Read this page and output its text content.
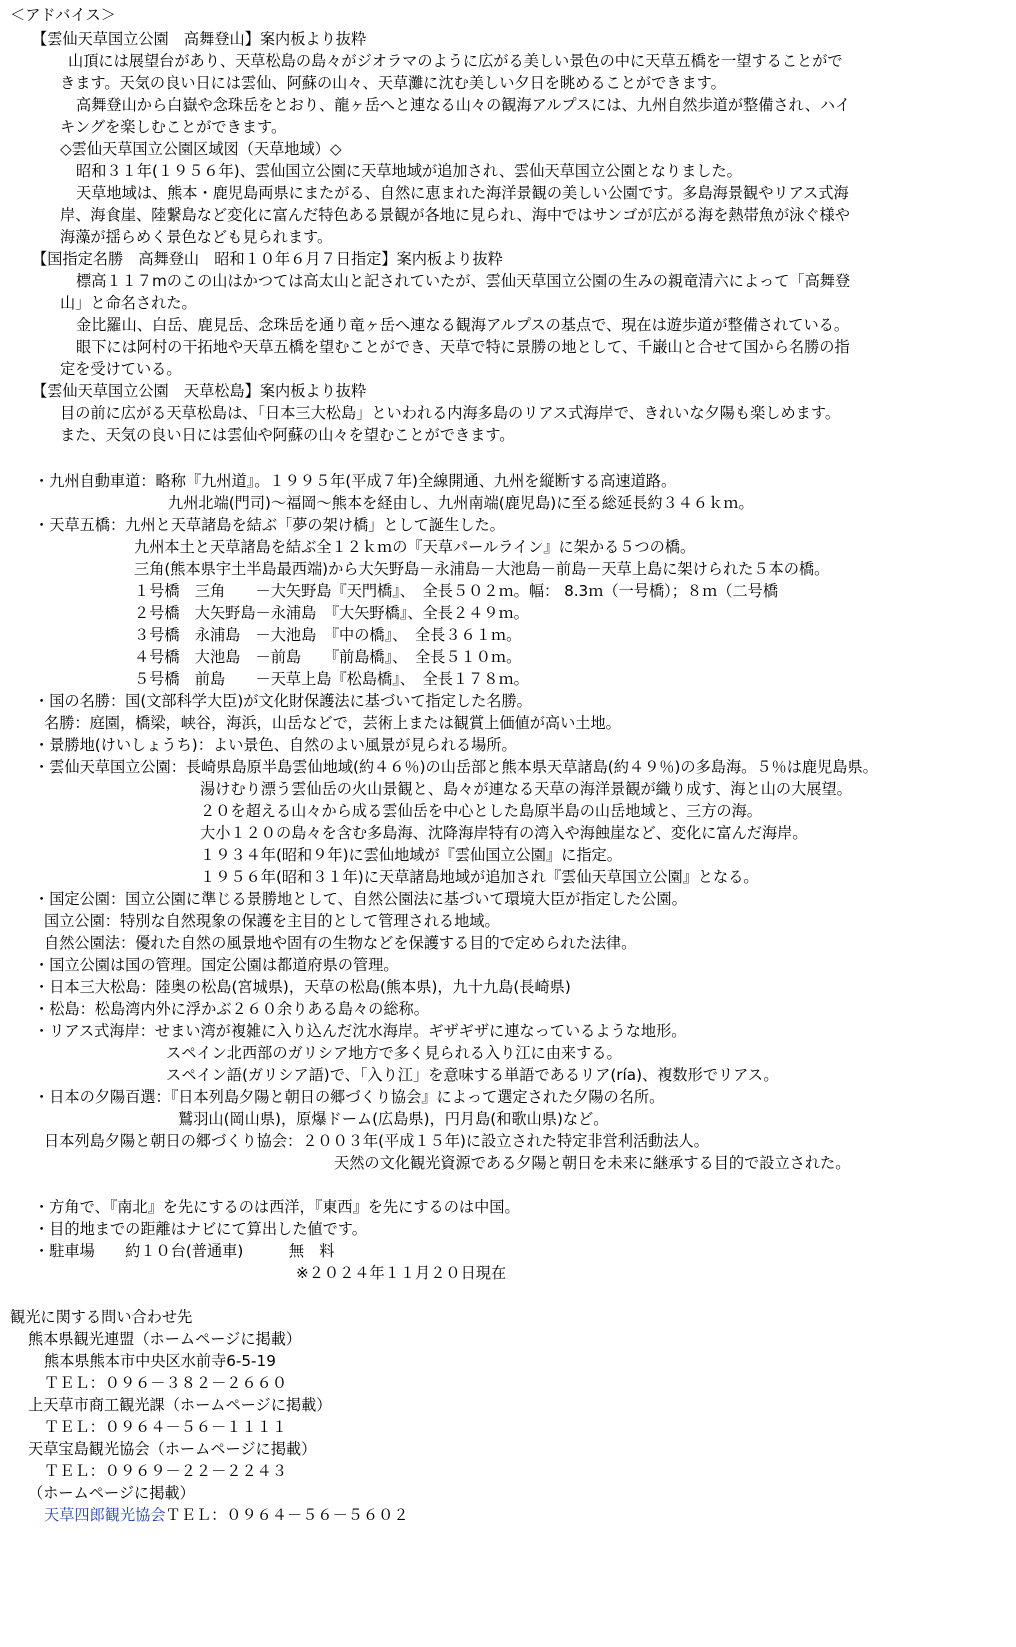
＜アドバイス＞
【雲仙天草国立公園　高舞登山】案内板より抜粋
山頂には展望台があり、天草松島の島々がジオラマのように広がる美しい景色の中に天草五橋を一望することがで
きます。天気の良い日には雲仙、阿蘇の山々、天草灘に沈む美しい夕日を眺めることができます。
高舞登山から白嶽や念珠岳をとおり、龍ヶ岳へと連なる山々の観海アルプスには、九州自然歩道が整備され、ハイ
キングを楽しむことができます。
◇雲仙天草国立公園区域図（天草地域）◇
昭和３１年(１９５６年)、雲仙国立公園に天草地域が追加され、雲仙天草国立公園となりました。
天草地域は、熊本・鹿児島両県にまたがる、自然に恵まれた海洋景観の美しい公園です。多島海景観やリアス式海
岸、海食崖、陸繋島など変化に富んだ特色ある景観が各地に見られ、海中ではサンゴが広がる海を熱帯魚が泳ぐ様や
海藻が揺らめく景色なども見られます。
【国指定名勝　高舞登山　昭和１０年６月７日指定】案内板より抜粋
標高１１７mのこの山はかつては高太山と記されていたが、雲仙天草国立公園の生みの親竜清六によって「高舞登
山」と命名された。
金比羅山、白岳、鹿見岳、念珠岳を通り竜ヶ岳へ連なる観海アルプスの基点で、現在は遊歩道が整備されている。
眼下には阿村の干拓地や天草五橋を望むことができ、天草で特に景勝の地として、千巌山と合せて国から名勝の指
定を受けている。
【雲仙天草国立公園　天草松島】案内板より抜粋
目の前に広がる天草松島は、「日本三大松島」といわれる内海多島のリアス式海岸で、きれいな夕陽も楽しめます。
また、天気の良い日には雲仙や阿蘇の山々を望むことができます。
・九州自動車道：略称『九州道』。１９９５年(平成７年)全線開通、九州を縦断する高速道路。
九州北端(門司)～福岡～熊本を経由し、九州南端(鹿児島)に至る総延長約３４６ｋｍ。
・天草五橋：九州と天草諸島を結ぶ「夢の架け橋」として誕生した。
九州本土と天草諸島を結ぶ全１２ｋｍの『天草パールライン』に架かる５つの橋。
三角(熊本県宇土半島最西端)から大矢野島－永浦島－大池島－前島－天草上島に架けられた５本の橋。
１号橋　三角　　－大矢野島『天門橋』、　全長５０２ｍ。幅： 8.3ｍ（一号橋）；８ｍ（二号橋
２号橋　大矢野島－永浦島　『大矢野橋』、全長２４９ｍ。
３号橋　永浦島　－大池島　『中の橋』、　全長３６１ｍ。
４号橋　大池島　－前島　　『前島橋』、　全長５１０ｍ。
５号橋　前島　　－天草上島『松島橋』、　全長１７８ｍ。
・国の名勝：国(文部科学大臣)が文化財保護法に基づいて指定した名勝。
名勝：庭園，橋梁，峡谷，海浜，山岳などで，芸術上または観賞上価値が高い土地。
・景勝地(けいしょうち)：よい景色、自然のよい風景が見られる場所。
・雲仙天草国立公園：長崎県島原半島雲仙地域(約４６％)の山岳部と熊本県天草諸島(約４９％)の多島海。５％は鹿児島県。
湯けむり漂う雲仙岳の火山景観と、島々が連なる天草の海洋景観が織り成す、海と山の大展望。
２０を超える山々から成る雲仙岳を中心とした島原半島の山岳地域と、三方の海。
大小１２０の島々を含む多島海、沈降海岸特有の湾入や海蝕崖など、変化に富んだ海岸。
１９３４年(昭和９年)に雲仙地域が『雲仙国立公園』に指定。
１９５６年(昭和３１年)に天草諸島地域が追加され『雲仙天草国立公園』となる。
・国定公園：国立公園に準じる景勝地として、自然公園法に基づいて環境大臣が指定した公園。
国立公園：特別な自然現象の保護を主目的として管理される地域。
自然公園法：優れた自然の風景地や固有の生物などを保護する目的で定められた法律。
・国立公園は国の管理。国定公園は都道府県の管理。
・日本三大松島：陸奥の松島(宮城県)，天草の松島(熊本県)，九十九島(長崎県)
・松島：松島湾内外に浮かぶ２６０余りある島々の総称。
・リアス式海岸：せまい湾が複雑に入り込んだ沈水海岸。ギザギザに連なっているような地形。
スペイン北西部のガリシア地方で多く見られる入り江に由来する。
スペイン語(ガリシア語)で、「入り江」を意味する単語であるリア(ría)、複数形でリアス。
・日本の夕陽百選：『日本列島夕陽と朝日の郷づくり協会』によって選定された夕陽の名所。
鷲羽山(岡山県)，原爆ドーム(広島県)，円月島(和歌山県)など。
日本列島夕陽と朝日の郷づくり協会：２００３年(平成１５年)に設立された特定非営利活動法人。
天然の文化観光資源である夕陽と朝日を未来に継承する目的で設立された。
・方角で、『南北』を先にするのは西洋，『東西』を先にするのは中国。
・目的地までの距離はナビにて算出した値です。
・駐車場　　約１０台(普通車)　　　無　料
※２０２４年１１月２０日現在
観光に関する問い合わせ先
熊本県観光連盟（ホームページに掲載）
熊本県熊本市中央区水前寺6-5-19
ＴＥＬ：０９６－３８２－２６６０
上天草市商工観光課（ホームページに掲載）
ＴＥＬ：０９６４－５６－１１１１
天草宝島観光協会（ホームページに掲載）
ＴＥＬ：０９６９－２２－２２４３
（ホームページに掲載）
天草四郎観光協会ＴＥＬ：０９６４－５６－５６０２
